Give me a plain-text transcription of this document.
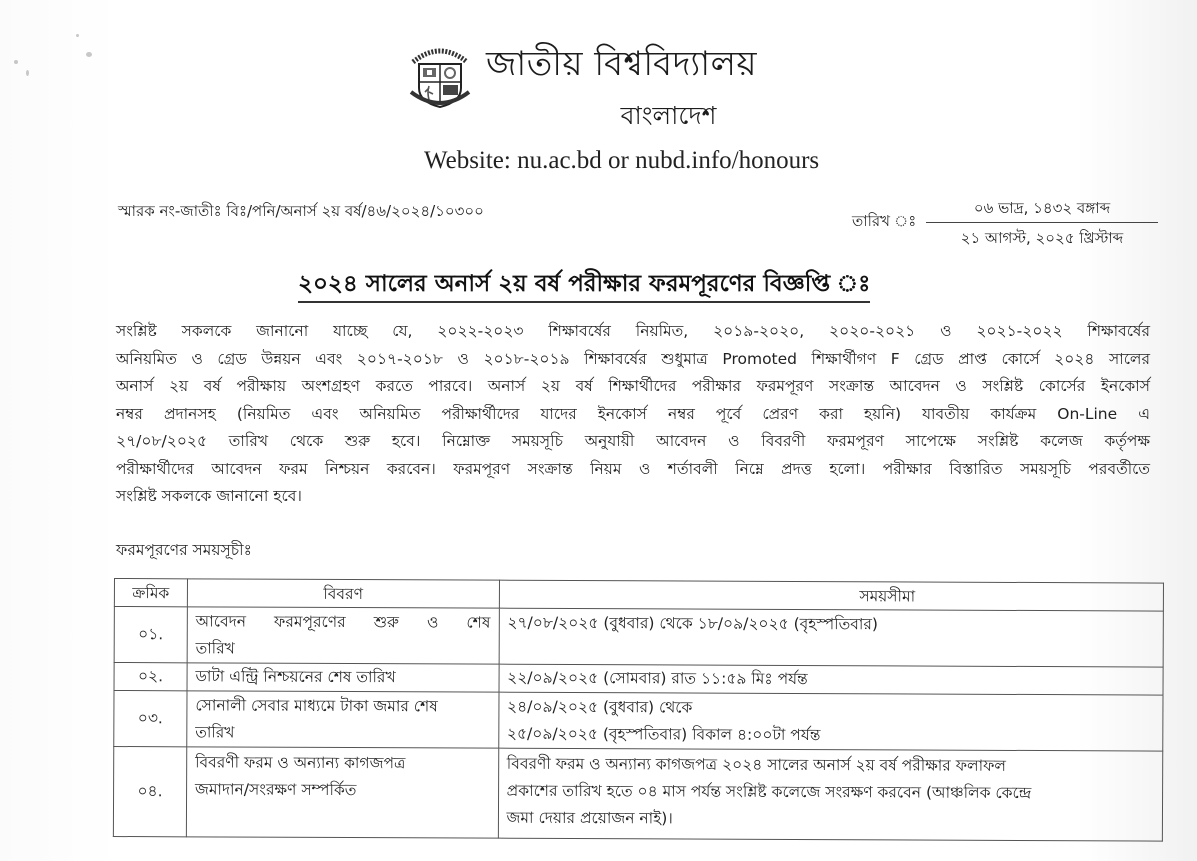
জাতীয় বিশ্ববিদ্যালয়
বাংলাদেশ
Website: nu.ac.bd or nubd.info/honours
স্মারক নং-জাতীঃ বিঃ/পনি/অনার্স ২য় বর্ষ/৪৬/২০২৪/১০৩০০
তারিখ ঃ
০৬ ভাদ্র, ১৪৩২ বঙ্গাব্দ
২১ আগস্ট, ২০২৫ খ্রিস্টাব্দ
২০২৪ সালের অনার্স ২য় বর্ষ পরীক্ষার ফরমপূরণের বিজ্ঞপ্তি ঃ

সংশ্লিষ্ট সকলকে জানানো যাচ্ছে যে, ২০২২-২০২৩ শিক্ষাবর্ষের নিয়মিত, ২০১৯-২০২০, ২০২০-২০২১ ও ২০২১-২০২২ শিক্ষাবর্ষের

অনিয়মিত ও গ্রেড উন্নয়ন এবং ২০১৭-২০১৮ ও ২০১৮-২০১৯ শিক্ষাবর্ষের শুধুমাত্র Promoted শিক্ষার্থীগণ F গ্রেড প্রাপ্ত কোর্সে ২০২৪ সালের

অনার্স ২য় বর্ষ পরীক্ষায় অংশগ্রহণ করতে পারবে। অনার্স ২য় বর্ষ শিক্ষার্থীদের পরীক্ষার ফরমপূরণ সংক্রান্ত আবেদন ও সংশ্লিষ্ট কোর্সের ইনকোর্স

নম্বর প্রদানসহ (নিয়মিত এবং অনিয়মিত পরীক্ষার্থীদের যাদের ইনকোর্স নম্বর পূর্বে প্রেরণ করা হয়নি) যাবতীয় কার্যক্রম On-Line এ

২৭/০৮/২০২৫ তারিখ থেকে শুরু হবে। নিম্নোক্ত সময়সূচি অনুযায়ী আবেদন ও বিবরণী ফরমপূরণ সাপেক্ষে সংশ্লিষ্ট কলেজ কর্তৃপক্ষ

পরীক্ষার্থীদের আবেদন ফরম নিশ্চয়ন করবেন। ফরমপূরণ সংক্রান্ত নিয়ম ও শর্তাবলী নিম্নে প্রদত্ত হলো। পরীক্ষার বিস্তারিত সময়সূচি পরবর্তীতে

সংশ্লিষ্ট সকলকে জানানো হবে।

ফরমপূরণের সময়সূচীঃ
ক্রমিক	বিবরণ	সময়সীমা
০১.	আবেদন ফরমপূরণের শুরু ও শেষ
তারিখ	২৭/০৮/২০২৫ (বুধবার) থেকে ১৮/০৯/২০২৫ (বৃহস্পতিবার)

০২.	ডাটা এন্ট্রি নিশ্চয়নের শেষ তারিখ	২২/০৯/২০২৫ (সোমবার) রাত ১১:৫৯ মিঃ পর্যন্ত

০৩.	সোনালী সেবার মাধ্যমে টাকা জমার শেষ
তারিখ	২৪/০৯/২০২৫ (বুধবার) থেকে
২৫/০৯/২০২৫ (বৃহস্পতিবার) বিকাল ৪:০০টা পর্যন্ত

০৪.	বিবরণী ফরম ও অন্যান্য কাগজপত্র
জমাদান/সংরক্ষণ সম্পর্কিত	বিবরণী ফরম ও অন্যান্য কাগজপত্র ২০২৪ সালের অনার্স ২য় বর্ষ পরীক্ষার ফলাফল
প্রকাশের তারিখ হতে ০৪ মাস পর্যন্ত সংশ্লিষ্ট কলেজে সংরক্ষণ করবেন (আঞ্চলিক কেন্দ্রে
জমা দেয়ার প্রয়োজন নাই)।
